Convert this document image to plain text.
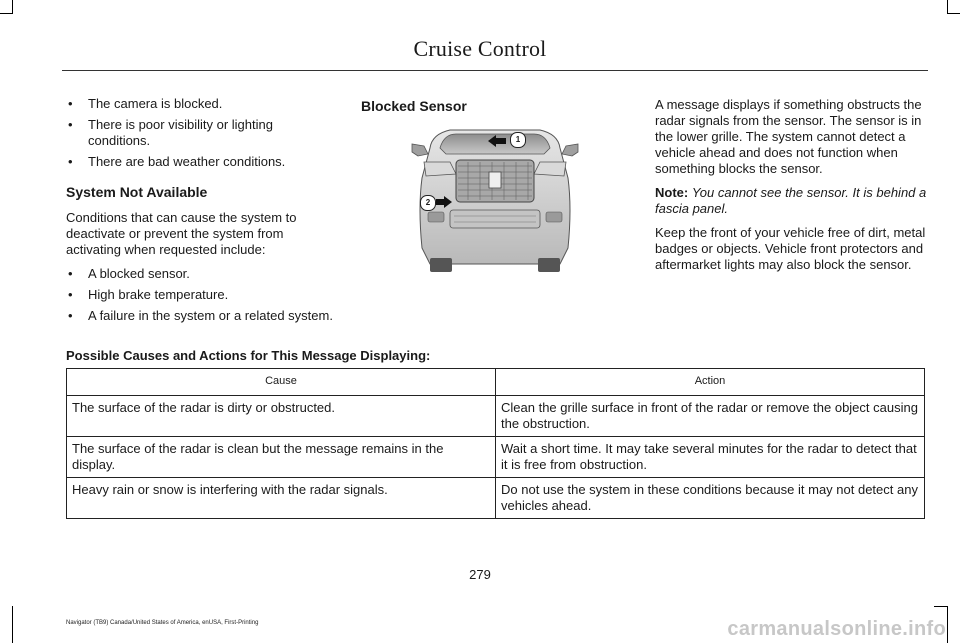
Cruise Control
• The camera is blocked.
• There is poor visibility or lighting conditions.
• There are bad weather conditions.
System Not Available

Conditions that can cause the system to deactivate or prevent the system from activating when requested include:

• A blocked sensor.
• High brake temperature.
• A failure in the system or a related system.
Blocked Sensor
1
2

A message displays if something obstructs the radar signals from the sensor. The sensor is in the lower grille. The system cannot detect a vehicle ahead and does not function when something blocks the sensor.

Note: You cannot see the sensor. It is behind a fascia panel.

Keep the front of your vehicle free of dirt, metal badges or objects. Vehicle front protectors and aftermarket lights may also block the sensor.

Possible Causes and Actions for This Message Displaying:
Cause	Action
The surface of the radar is dirty or obstructed.	Clean the grille surface in front of the radar or remove the object causing the obstruction.
The surface of the radar is clean but the message remains in the display.	Wait a short time. It may take several minutes for the radar to detect that it is free from obstruction.
Heavy rain or snow is interfering with the radar signals.	Do not use the system in these conditions because it may not detect any vehicles ahead.
279
Navigator (TB9) Canada/United States of America, enUSA, First-Printing	carmanualsonline.info
